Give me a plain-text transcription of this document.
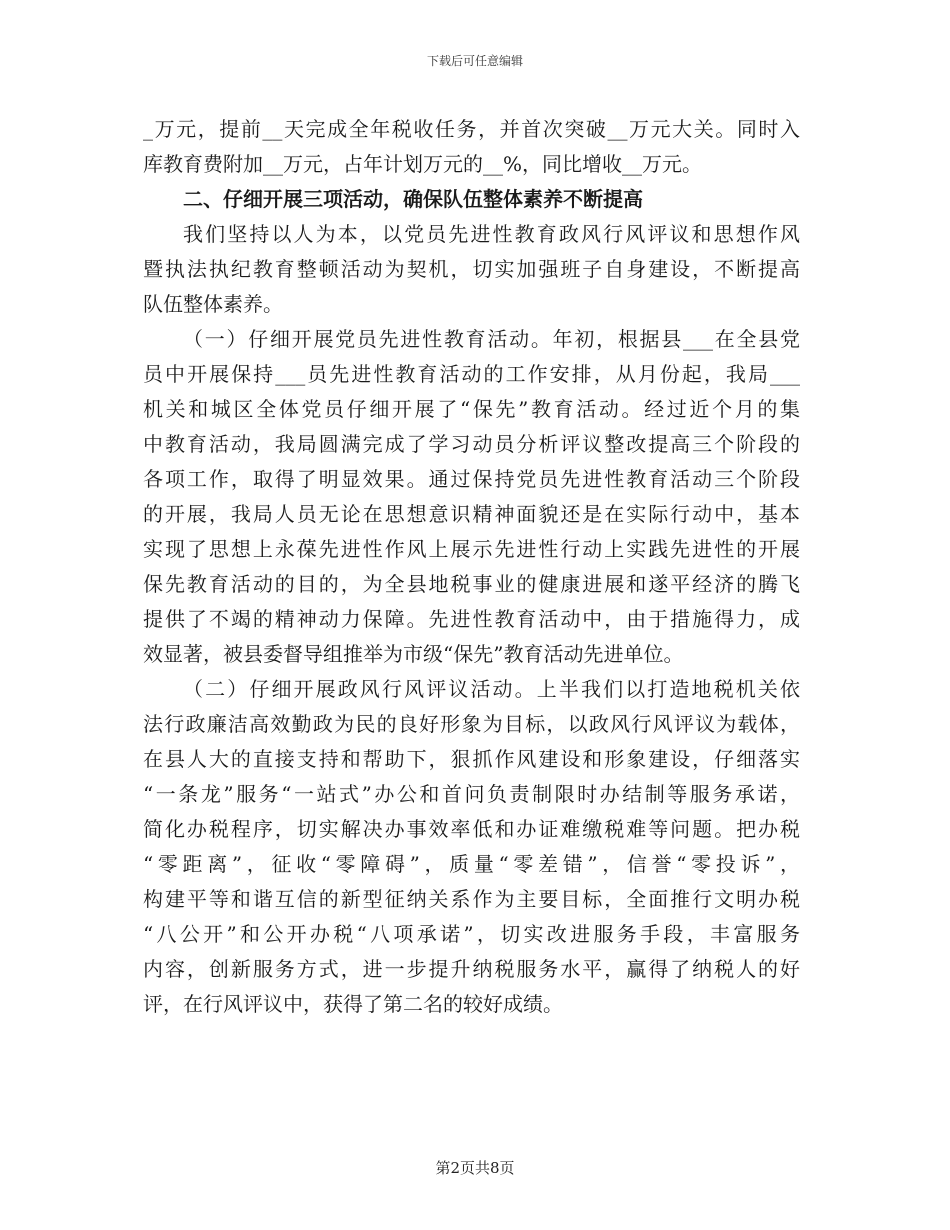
下载后可任意编辑
_万元，提前__天完成全年税收任务，并首次突破__万元大关。同时入
库教育费附加__万元，占年计划万元的__%，同比增收__万元。
二、仔细开展三项活动，确保队伍整体素养不断提高
我们坚持以人为本，以党员先进性教育政风行风评议和思想作风
暨执法执纪教育整顿活动为契机，切实加强班子自身建设，不断提高
队伍整体素养。
（一）仔细开展党员先进性教育活动。年初，根据县___在全县党
员中开展保持___员先进性教育活动的工作安排，从月份起，我局___
机关和城区全体党员仔细开展了“保先”教育活动。经过近个月的集
中教育活动，我局圆满完成了学习动员分析评议整改提高三个阶段的
各项工作，取得了明显效果。通过保持党员先进性教育活动三个阶段
的开展，我局人员无论在思想意识精神面貌还是在实际行动中，基本
实现了思想上永葆先进性作风上展示先进性行动上实践先进性的开展
保先教育活动的目的，为全县地税事业的健康进展和遂平经济的腾飞
提供了不竭的精神动力保障。先进性教育活动中，由于措施得力，成
效显著，被县委督导组推举为市级“保先”教育活动先进单位。
（二）仔细开展政风行风评议活动。上半我们以打造地税机关依
法行政廉洁高效勤政为民的良好形象为目标，以政风行风评议为载体，
在县人大的直接支持和帮助下，狠抓作风建设和形象建设，仔细落实
“一条龙”服务“一站式”办公和首问负责制限时办结制等服务承诺，
简化办税程序，切实解决办事效率低和办证难缴税难等问题。把办税
“零距离”，征收“零障碍”，质量“零差错”，信誉“零投诉”，
构建平等和谐互信的新型征纳关系作为主要目标，全面推行文明办税
“八公开”和公开办税“八项承诺”，切实改进服务手段，丰富服务
内容，创新服务方式，进一步提升纳税服务水平，赢得了纳税人的好
评，在行风评议中，获得了第二名的较好成绩。
第2页共8页
